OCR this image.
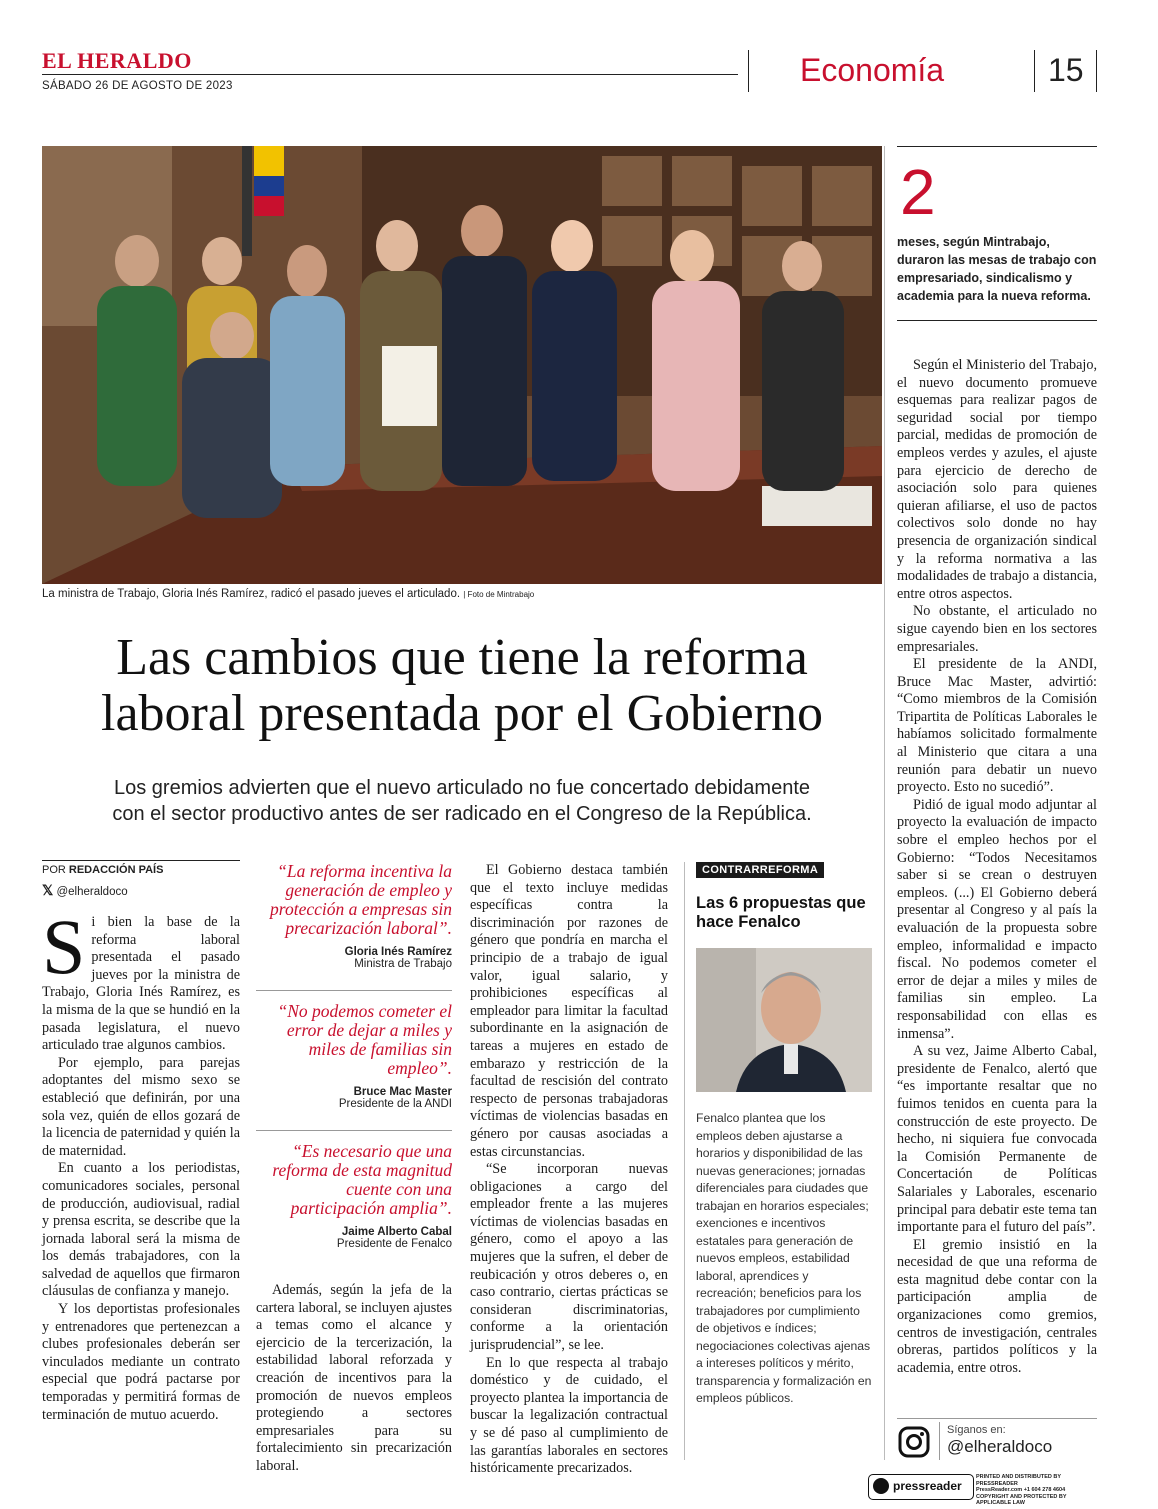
EL HERALDO
SÁBADO 26 DE AGOSTO DE 2023	Economía	15
La ministra de Trabajo, Gloria Inés Ramírez, radicó el pasado jueves el articulado. | Foto de Mintrabajo
Las cambios que tiene la reforma
laboral presentada por el Gobierno
Los gremios advierten que el nuevo articulado no fue concertado debidamente
con el sector productivo antes de ser radicado en el Congreso de la República.
POR REDACCIÓN PAÍS
𝕏 @elheraldoco

Si bien la base de la reforma laboral presentada el pasado jueves por la ministra de Trabajo, Gloria Inés Ramírez, es la misma de la que se hundió en la pasada legislatura, el nuevo articulado trae algunos cambios.

Por ejemplo, para parejas adoptantes del mismo sexo se estableció que definirán, por una sola vez, quién de ellos gozará de la licencia de paternidad y quién la de maternidad.

En cuanto a los periodistas, comunicadores sociales, personal de producción, audiovisual, radial y prensa escrita, se describe que la jornada laboral será la misma de los demás trabajadores, con la salvedad de aquellos que firmaron cláusulas de confianza y manejo.

Y los deportistas profesionales y entrenadores que pertenezcan a clubes profesionales deberán ser vinculados mediante un contrato especial que podrá pactarse por temporadas y permitirá formas de terminación de mutuo acuerdo.

“La reforma incentiva la generación de empleo y protección a empresas sin precarización laboral”.
Gloria Inés Ramírez
Ministra de Trabajo
“No podemos cometer el error de dejar a miles y miles de familias sin empleo”.
Bruce Mac Master
Presidente de la ANDI
“Es necesario que una reforma de esta magnitud cuente con una participación amplia”.
Jaime Alberto Cabal
Presidente de Fenalco

Además, según la jefa de la cartera laboral, se incluyen ajustes a temas como el alcance y ejercicio de la tercerización, la estabilidad laboral reforzada y creación de incentivos para la promoción de nuevos empleos protegiendo a sectores empresariales para su fortalecimiento sin precarización laboral.

El Gobierno destaca también que el texto incluye medidas específicas contra la discriminación por razones de género que pondría en marcha el principio de a trabajo de igual valor, igual salario, y prohibiciones específicas al empleador para limitar la facultad subordinante en la asignación de tareas a mujeres en estado de embarazo y restricción de la facultad de rescisión del contrato respecto de personas trabajadoras víctimas de violencias basadas en género por causas asociadas a estas circunstancias.

“Se incorporan nuevas obligaciones a cargo del empleador frente a las mujeres víctimas de violencias basadas en género, como el apoyo a las mujeres que la sufren, el deber de reubicación y otros deberes o, en caso contrario, ciertas prácticas se consideran discriminatorias, conforme a la orientación jurisprudencial”, se lee.

En lo que respecta al trabajo doméstico y de cuidado, el proyecto plantea la importancia de buscar la legalización contractual y se dé paso al cumplimiento de las garantías laborales en sectores históricamente precarizados.

CONTRARREFORMA
Las 6 propuestas que hace Fenalco
Fenalco plantea que los empleos deben ajustarse a horarios y disponibilidad de las nuevas generaciones; jornadas diferenciales para ciudades que trabajan en horarios especiales; exenciones e incentivos estatales para generación de nuevos empleos, estabilidad laboral, aprendices y recreación; beneficios para los trabajadores por cumplimiento de objetivos e índices; negociaciones colectivas ajenas a intereses políticos y mérito, transparencia y formalización en empleos públicos.
2
meses, según Mintrabajo, duraron las mesas de trabajo con empresariado, sindicalismo y academia para la nueva reforma.

Según el Ministerio del Trabajo, el nuevo documento promueve esquemas para realizar pagos de seguridad social por tiempo parcial, medidas de promoción de empleos verdes y azules, el ajuste para ejercicio de derecho de asociación solo para quienes quieran afiliarse, el uso de pactos colectivos solo donde no hay presencia de organización sindical y la reforma normativa a las modalidades de trabajo a distancia, entre otros aspectos.

No obstante, el articulado no sigue cayendo bien en los sectores empresariales.

El presidente de la ANDI, Bruce Mac Master, advirtió: “Como miembros de la Comisión Tripartita de Políticas Laborales le habíamos solicitado formalmente al Ministerio que citara a una reunión para debatir un nuevo proyecto. Esto no sucedió”.

Pidió de igual modo adjuntar al proyecto la evaluación de impacto sobre el empleo hechos por el Gobierno: “Todos Necesitamos saber si se crean o destruyen empleos. (...) El Gobierno deberá presentar al Congreso y al país la evaluación de la propuesta sobre empleo, informalidad e impacto fiscal. No podemos cometer el error de dejar a miles y miles de familias sin empleo. La responsabilidad con ellas es inmensa”.

A su vez, Jaime Alberto Cabal, presidente de Fenalco, alertó que “es importante resaltar que no fuimos tenidos en cuenta para la construcción de este proyecto. De hecho, ni siquiera fue convocada la Comisión Permanente de Concertación de Políticas Salariales y Laborales, escenario principal para debatir este tema tan importante para el futuro del país”.

El gremio insistió en la necesidad de que una reforma de esta magnitud debe contar con la participación amplia de organizaciones como gremios, centros de investigación, centrales obreras, partidos políticos y la academia, entre otros.

Síganos en:
@elheraldoco
pressreader
PRINTED AND DISTRIBUTED BY PRESSREADER
PressReader.com +1 604 278 4604
COPYRIGHT AND PROTECTED BY APPLICABLE LAW
